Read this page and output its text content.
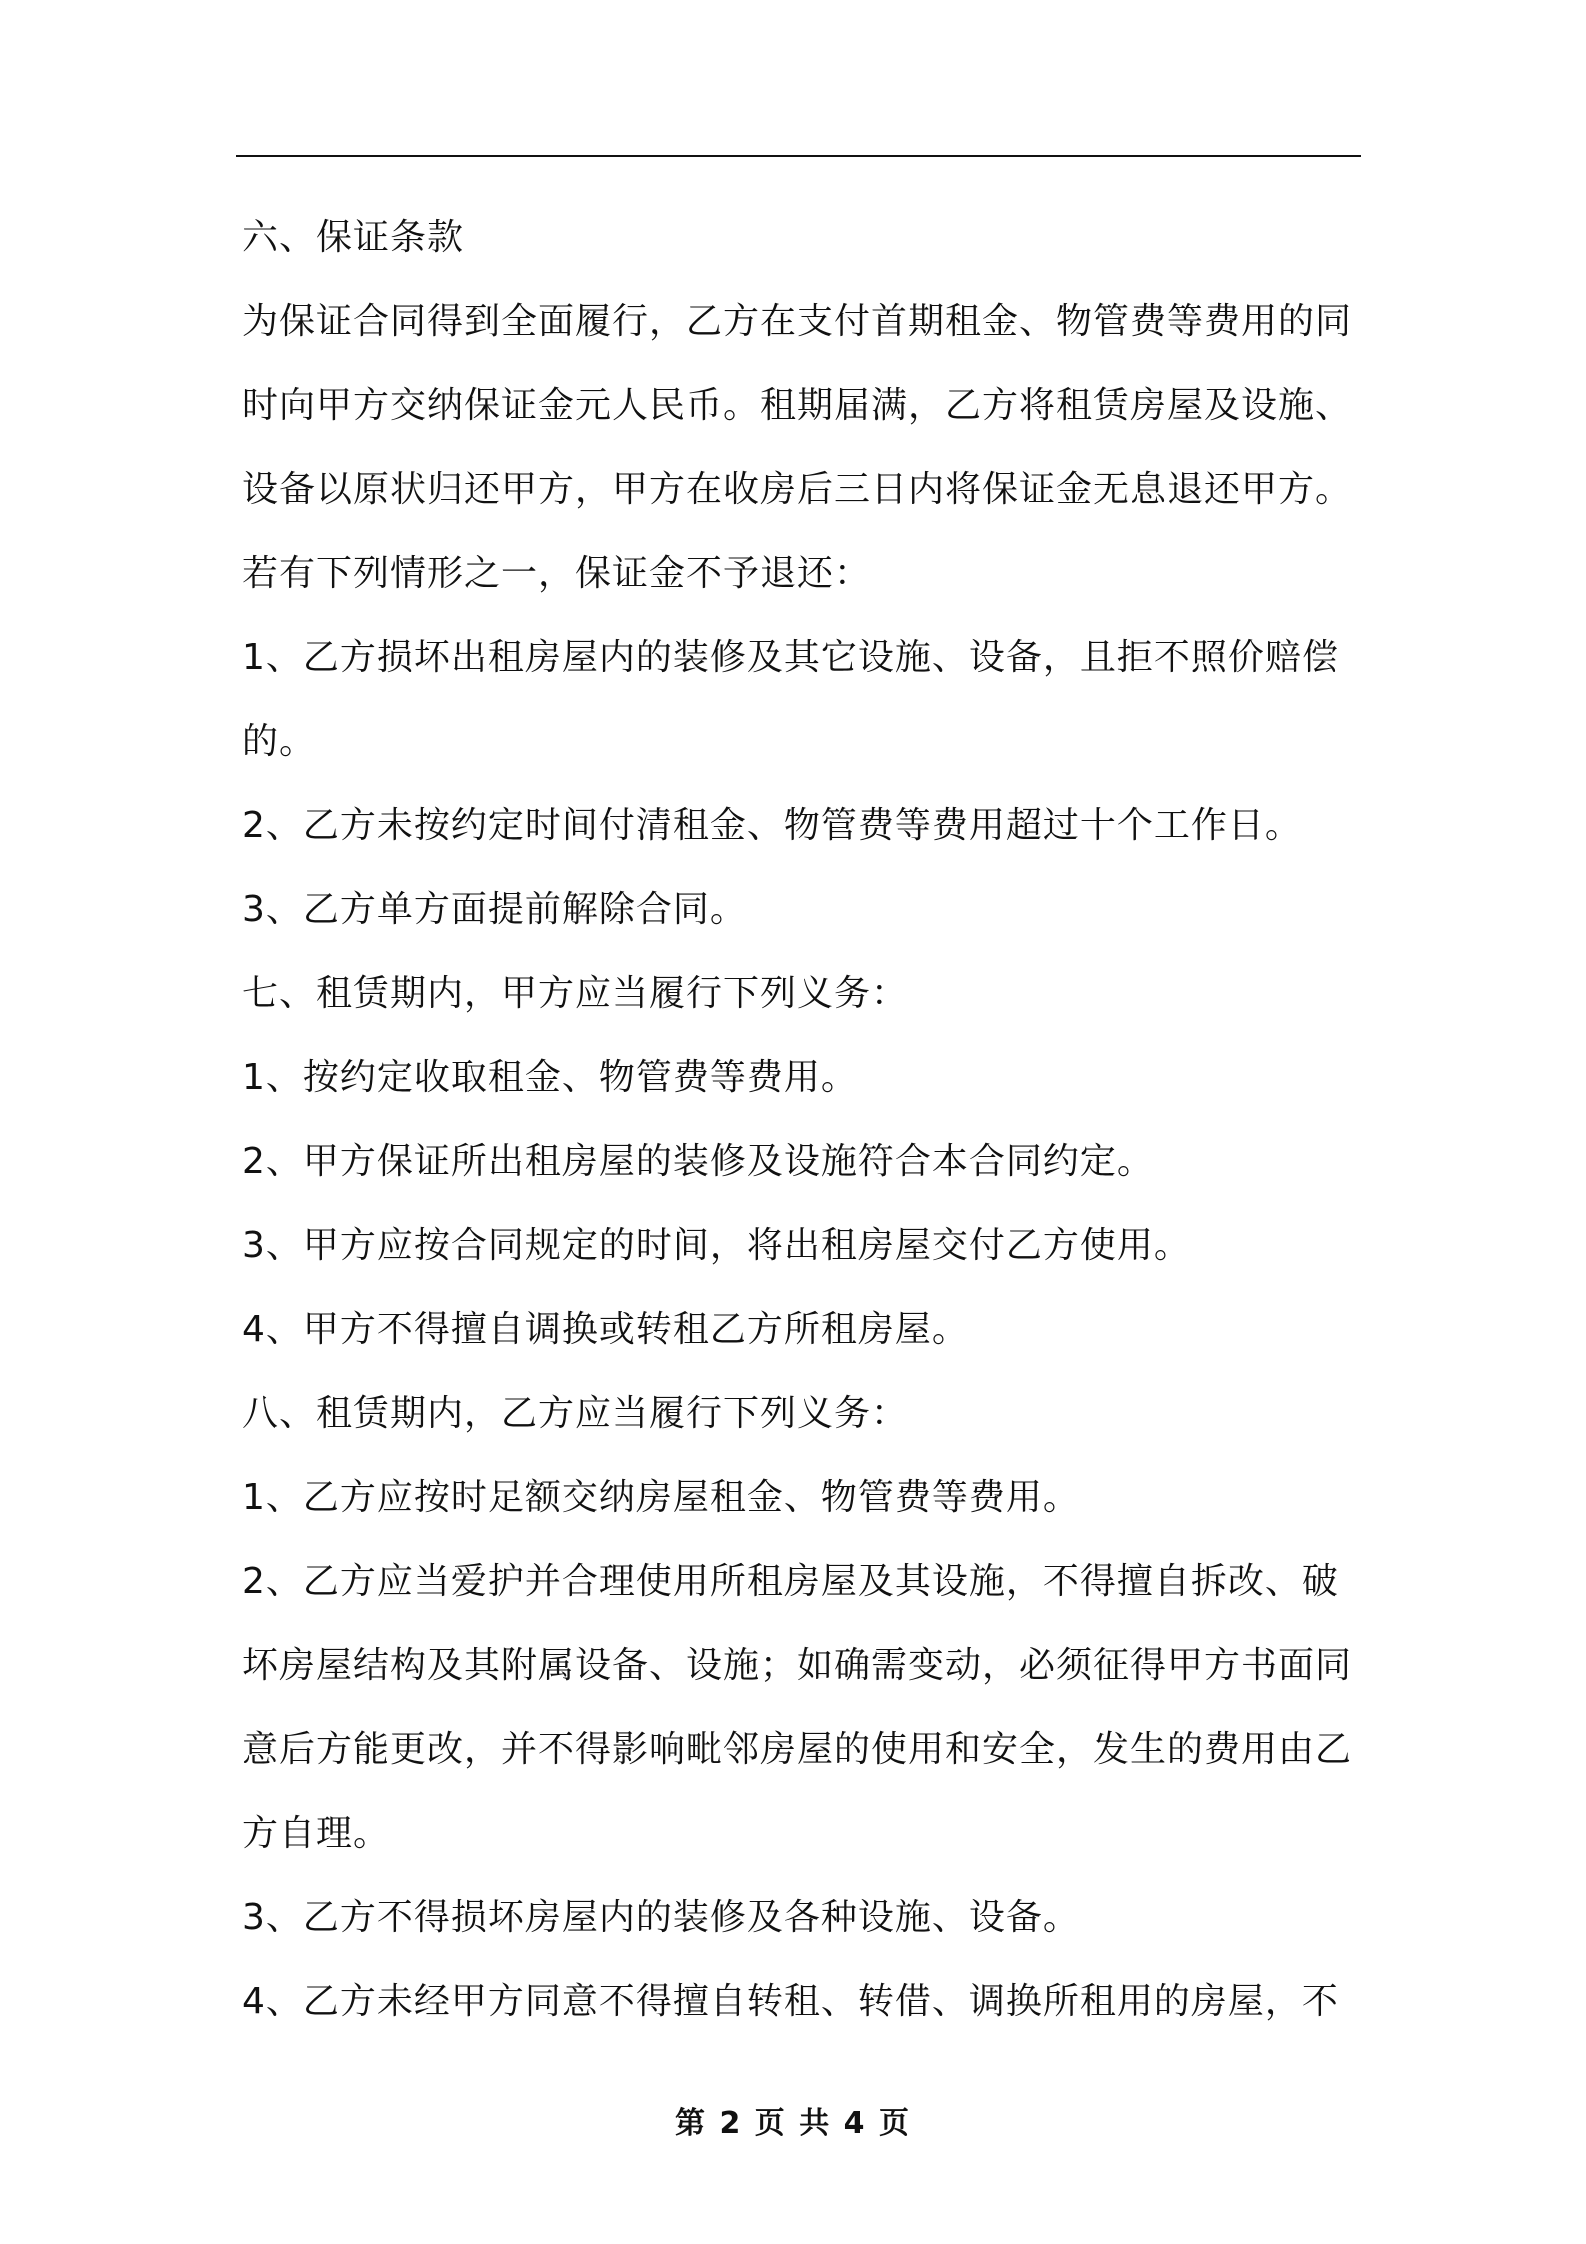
六、保证条款

为保证合同得到全面履行，乙方在支付首期租金、物管费等费用的同

时向甲方交纳保证金元人民币。租期届满，乙方将租赁房屋及设施、

设备以原状归还甲方，甲方在收房后三日内将保证金无息退还甲方。

若有下列情形之一，保证金不予退还：

1、乙方损坏出租房屋内的装修及其它设施、设备，且拒不照价赔偿

的。

2、乙方未按约定时间付清租金、物管费等费用超过十个工作日。

3、乙方单方面提前解除合同。

七、租赁期内，甲方应当履行下列义务：

1、按约定收取租金、物管费等费用。

2、甲方保证所出租房屋的装修及设施符合本合同约定。

3、甲方应按合同规定的时间，将出租房屋交付乙方使用。

4、甲方不得擅自调换或转租乙方所租房屋。

八、租赁期内，乙方应当履行下列义务：

1、乙方应按时足额交纳房屋租金、物管费等费用。

2、乙方应当爱护并合理使用所租房屋及其设施，不得擅自拆改、破

坏房屋结构及其附属设备、设施；如确需变动，必须征得甲方书面同

意后方能更改，并不得影响毗邻房屋的使用和安全，发生的费用由乙

方自理。

3、乙方不得损坏房屋内的装修及各种设施、设备。

4、乙方未经甲方同意不得擅自转租、转借、调换所租用的房屋，不

第 2 页 共 4 页
